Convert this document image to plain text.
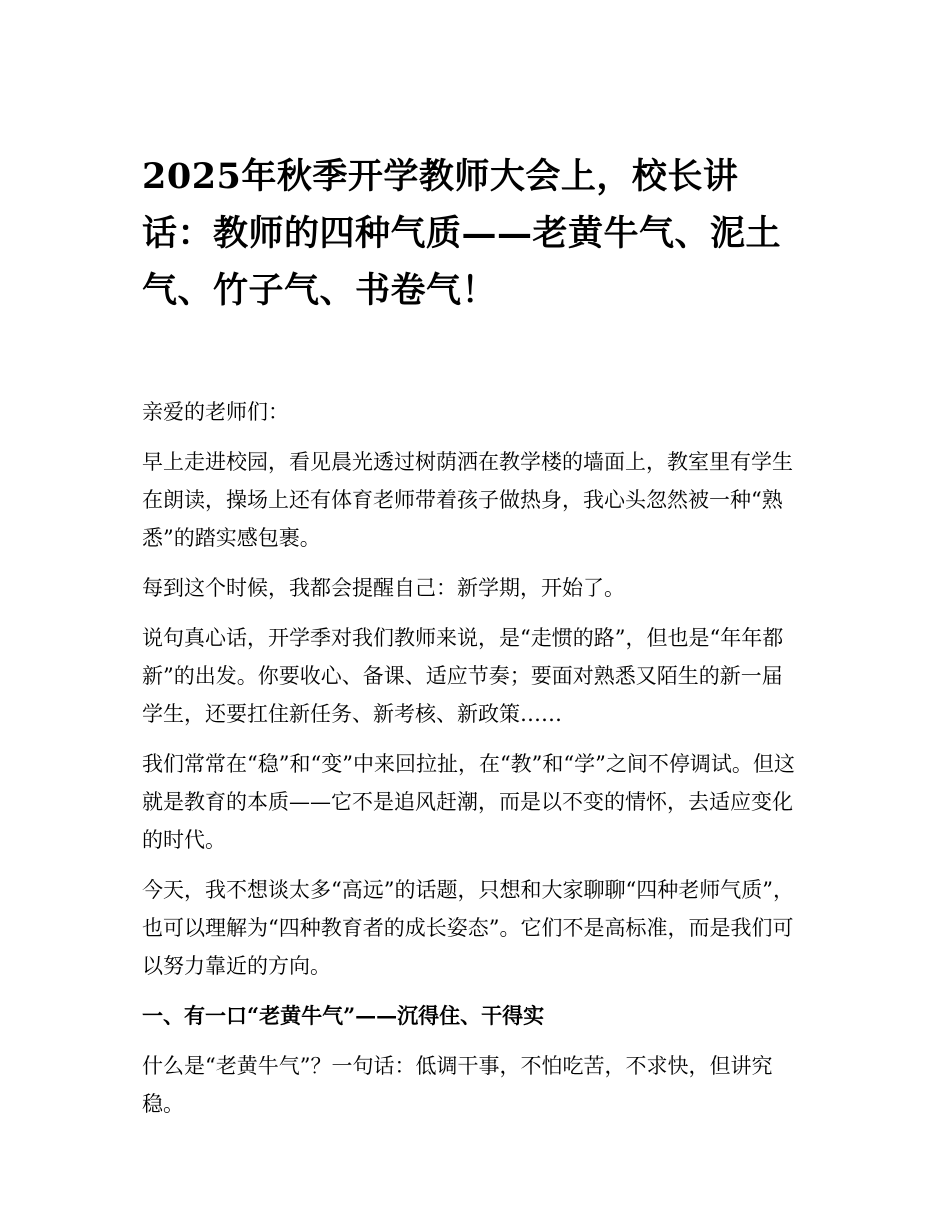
2025年秋季开学教师大会上，校长讲话：教师的四种气质——老黄牛气、泥土气、竹子气、书卷气！

亲爱的老师们：

早上走进校园，看见晨光透过树荫洒在教学楼的墙面上，教室里有学生在朗读，操场上还有体育老师带着孩子做热身，我心头忽然被一种“熟悉”的踏实感包裹。

每到这个时候，我都会提醒自己：新学期，开始了。

说句真心话，开学季对我们教师来说，是“走惯的路”，但也是“年年都新”的出发。你要收心、备课、适应节奏；要面对熟悉又陌生的新一届学生，还要扛住新任务、新考核、新政策……

我们常常在“稳”和“变”中来回拉扯，在“教”和“学”之间不停调试。但这就是教育的本质——它不是追风赶潮，而是以不变的情怀，去适应变化的时代。

今天，我不想谈太多“高远”的话题，只想和大家聊聊“四种老师气质”，也可以理解为“四种教育者的成长姿态”。它们不是高标准，而是我们可以努力靠近的方向。

一、有一口“老黄牛气”——沉得住、干得实

什么是“老黄牛气”？一句话：低调干事，不怕吃苦，不求快，但讲究稳。
